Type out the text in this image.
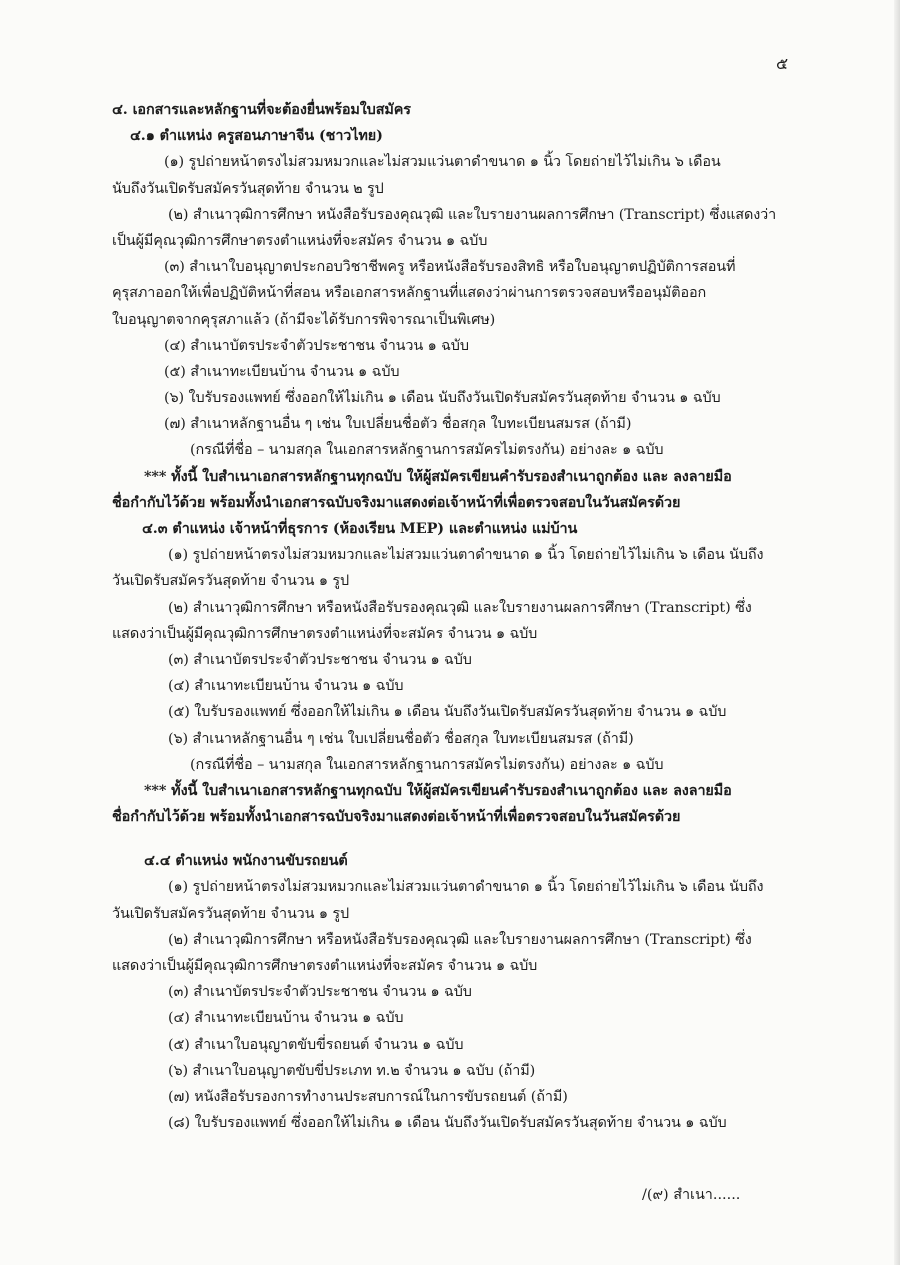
๕
๔. เอกสารและหลักฐานที่จะต้องยื่นพร้อมใบสมัคร
๔.๑ ตำแหน่ง ครูสอนภาษาจีน (ชาวไทย)
(๑) รูปถ่ายหน้าตรงไม่สวมหมวกและไม่สวมแว่นตาดำขนาด ๑ นิ้ว โดยถ่ายไว้ไม่เกิน ๖ เดือน
นับถึงวันเปิดรับสมัครวันสุดท้าย จำนวน ๒ รูป
(๒) สำเนาวุฒิการศึกษา หนังสือรับรองคุณวุฒิ และใบรายงานผลการศึกษา (Transcript) ซึ่งแสดงว่า
เป็นผู้มีคุณวุฒิการศึกษาตรงตำแหน่งที่จะสมัคร จำนวน ๑ ฉบับ
(๓) สำเนาใบอนุญาตประกอบวิชาชีพครู หรือหนังสือรับรองสิทธิ หรือใบอนุญาตปฏิบัติการสอนที่
คุรุสภาออกให้เพื่อปฏิบัติหน้าที่สอน หรือเอกสารหลักฐานที่แสดงว่าผ่านการตรวจสอบหรืออนุมัติออก
ใบอนุญาตจากคุรุสภาแล้ว (ถ้ามีจะได้รับการพิจารณาเป็นพิเศษ)
(๔) สำเนาบัตรประจำตัวประชาชน จำนวน ๑ ฉบับ
(๕) สำเนาทะเบียนบ้าน จำนวน ๑ ฉบับ
(๖) ใบรับรองแพทย์ ซึ่งออกให้ไม่เกิน ๑ เดือน นับถึงวันเปิดรับสมัครวันสุดท้าย จำนวน ๑ ฉบับ
(๗) สำเนาหลักฐานอื่น ๆ เช่น ใบเปลี่ยนชื่อตัว ชื่อสกุล ใบทะเบียนสมรส (ถ้ามี)
(กรณีที่ชื่อ – นามสกุล ในเอกสารหลักฐานการสมัครไม่ตรงกัน) อย่างละ ๑ ฉบับ
*** ทั้งนี้ ใบสำเนาเอกสารหลักฐานทุกฉบับ ให้ผู้สมัครเขียนคำรับรองสำเนาถูกต้อง และ ลงลายมือ
ชื่อกำกับไว้ด้วย พร้อมทั้งนำเอกสารฉบับจริงมาแสดงต่อเจ้าหน้าที่เพื่อตรวจสอบในวันสมัครด้วย
๔.๓ ตำแหน่ง เจ้าหน้าที่ธุรการ (ห้องเรียน MEP) และตำแหน่ง แม่บ้าน
(๑) รูปถ่ายหน้าตรงไม่สวมหมวกและไม่สวมแว่นตาดำขนาด ๑ นิ้ว โดยถ่ายไว้ไม่เกิน ๖ เดือน นับถึง
วันเปิดรับสมัครวันสุดท้าย จำนวน ๑ รูป
(๒) สำเนาวุฒิการศึกษา หรือหนังสือรับรองคุณวุฒิ และใบรายงานผลการศึกษา (Transcript) ซึ่ง
แสดงว่าเป็นผู้มีคุณวุฒิการศึกษาตรงตำแหน่งที่จะสมัคร จำนวน ๑ ฉบับ
(๓) สำเนาบัตรประจำตัวประชาชน จำนวน ๑ ฉบับ
(๔) สำเนาทะเบียนบ้าน จำนวน ๑ ฉบับ
(๕) ใบรับรองแพทย์ ซึ่งออกให้ไม่เกิน ๑ เดือน นับถึงวันเปิดรับสมัครวันสุดท้าย จำนวน ๑ ฉบับ
(๖) สำเนาหลักฐานอื่น ๆ เช่น ใบเปลี่ยนชื่อตัว ชื่อสกุล ใบทะเบียนสมรส (ถ้ามี)
(กรณีที่ชื่อ – นามสกุล ในเอกสารหลักฐานการสมัครไม่ตรงกัน) อย่างละ ๑ ฉบับ
*** ทั้งนี้ ใบสำเนาเอกสารหลักฐานทุกฉบับ ให้ผู้สมัครเขียนคำรับรองสำเนาถูกต้อง และ ลงลายมือ
ชื่อกำกับไว้ด้วย พร้อมทั้งนำเอกสารฉบับจริงมาแสดงต่อเจ้าหน้าที่เพื่อตรวจสอบในวันสมัครด้วย
๔.๔ ตำแหน่ง พนักงานขับรถยนต์
(๑) รูปถ่ายหน้าตรงไม่สวมหมวกและไม่สวมแว่นตาดำขนาด ๑ นิ้ว โดยถ่ายไว้ไม่เกิน ๖ เดือน นับถึง
วันเปิดรับสมัครวันสุดท้าย จำนวน ๑ รูป
(๒) สำเนาวุฒิการศึกษา หรือหนังสือรับรองคุณวุฒิ และใบรายงานผลการศึกษา (Transcript) ซึ่ง
แสดงว่าเป็นผู้มีคุณวุฒิการศึกษาตรงตำแหน่งที่จะสมัคร จำนวน ๑ ฉบับ
(๓) สำเนาบัตรประจำตัวประชาชน จำนวน ๑ ฉบับ
(๔) สำเนาทะเบียนบ้าน จำนวน ๑ ฉบับ
(๕) สำเนาใบอนุญาตขับขี่รถยนต์ จำนวน ๑ ฉบับ
(๖) สำเนาใบอนุญาตขับขี่ประเภท ท.๒ จำนวน ๑ ฉบับ (ถ้ามี)
(๗) หนังสือรับรองการทำงานประสบการณ์ในการขับรถยนต์ (ถ้ามี)
(๘) ใบรับรองแพทย์ ซึ่งออกให้ไม่เกิน ๑ เดือน นับถึงวันเปิดรับสมัครวันสุดท้าย จำนวน ๑ ฉบับ
/(๙) สำเนา......
